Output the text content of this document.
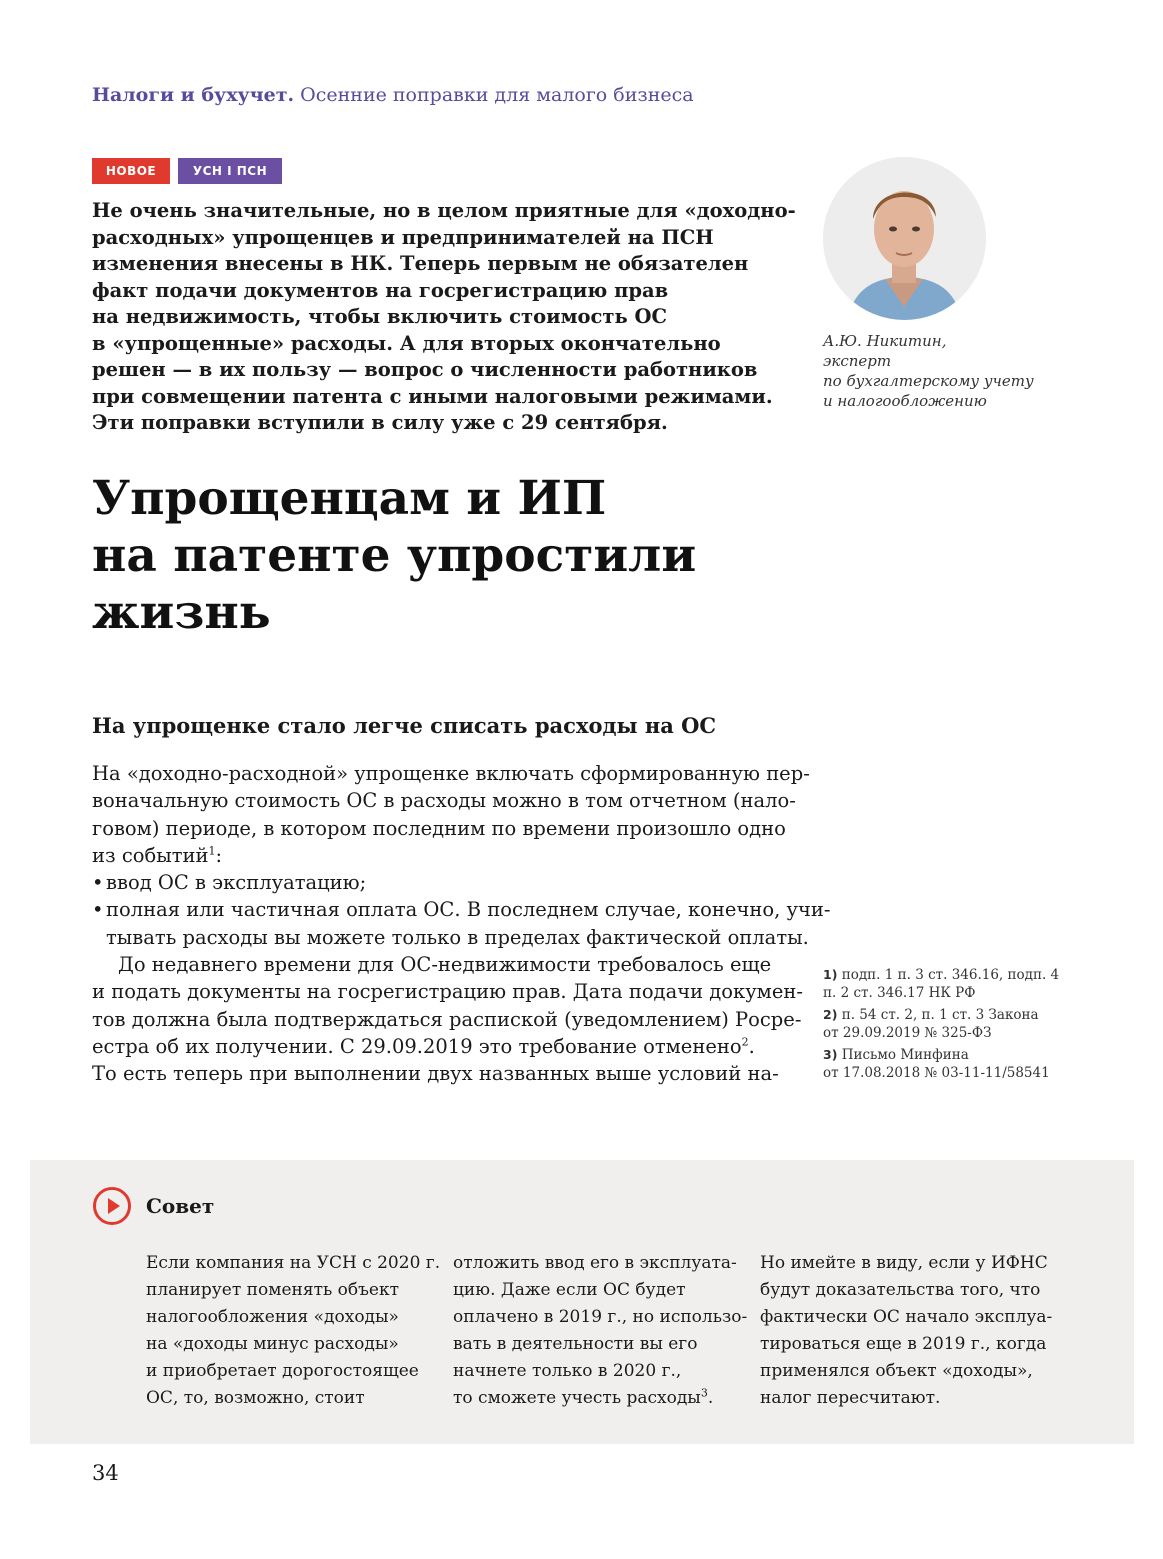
Налоги и бухучет. Осенние поправки для малого бизнеса
НОВОЕ	УСН I ПСН
Не очень значительные, но в целом приятные для «доходно-
расходных» упрощенцев и предпринимателей на ПСН
изменения внесены в НК. Теперь первым не обязателен
факт подачи документов на госрегистрацию прав
на недвижимость, чтобы включить стоимость ОС
в «упрощенные» расходы. А для вторых окончательно
решен — в их пользу — вопрос о численности работников
при совмещении патента с иными налоговыми режимами.
Эти поправки вступили в силу уже с 29 сентября.
А.Ю. Никитин,
эксперт
по бухгалтерскому учету
и налогообложению
Упрощенцам и ИП
на патенте упростили
жизнь
На упрощенке стало легче списать расходы на ОС
На «доходно-расходной» упрощенке включать сформированную пер-
воначальную стоимость ОС в расходы можно в том отчетном (нало-
говом) периоде, в котором последним по времени произошло одно
из событий$^1$:
• ввод ОС в эксплуатацию;
• полная или частичная оплата ОС. В последнем случае, конечно, учи-
тывать расходы вы можете только в пределах фактической оплаты.
До недавнего времени для ОС-недвижимости требовалось еще
и подать документы на госрегистрацию прав. Дата подачи докумен-
тов должна была подтверждаться распиской (уведомлением) Росре-
естра об их получении. С 29.09.2019 это требование отменено$^2$.
То есть теперь при выполнении двух названных выше условий на-
1) подп. 1 п. 3 ст. 346.16, подп. 4
п. 2 ст. 346.17 НК РФ
2) п. 54 ст. 2, п. 1 ст. 3 Закона
от 29.09.2019 № 325-ФЗ
3) Письмо Минфина
от 17.08.2018 № 03-11-11/58541
Совет
Если компания на УСН с 2020 г.
планирует поменять объект
налогообложения «доходы»
на «доходы минус расходы»
и приобретает дорогостоящее
ОС, то, возможно, стоит
отложить ввод его в эксплуата-
цию. Даже если ОС будет
оплачено в 2019 г., но использо-
вать в деятельности вы его
начнете только в 2020 г.,
то сможете учесть расходы$^3$.
Но имейте в виду, если у ИФНС
будут доказательства того, что
фактически ОС начало эксплуа-
тироваться еще в 2019 г., когда
применялся объект «доходы»,
налог пересчитают.
34
